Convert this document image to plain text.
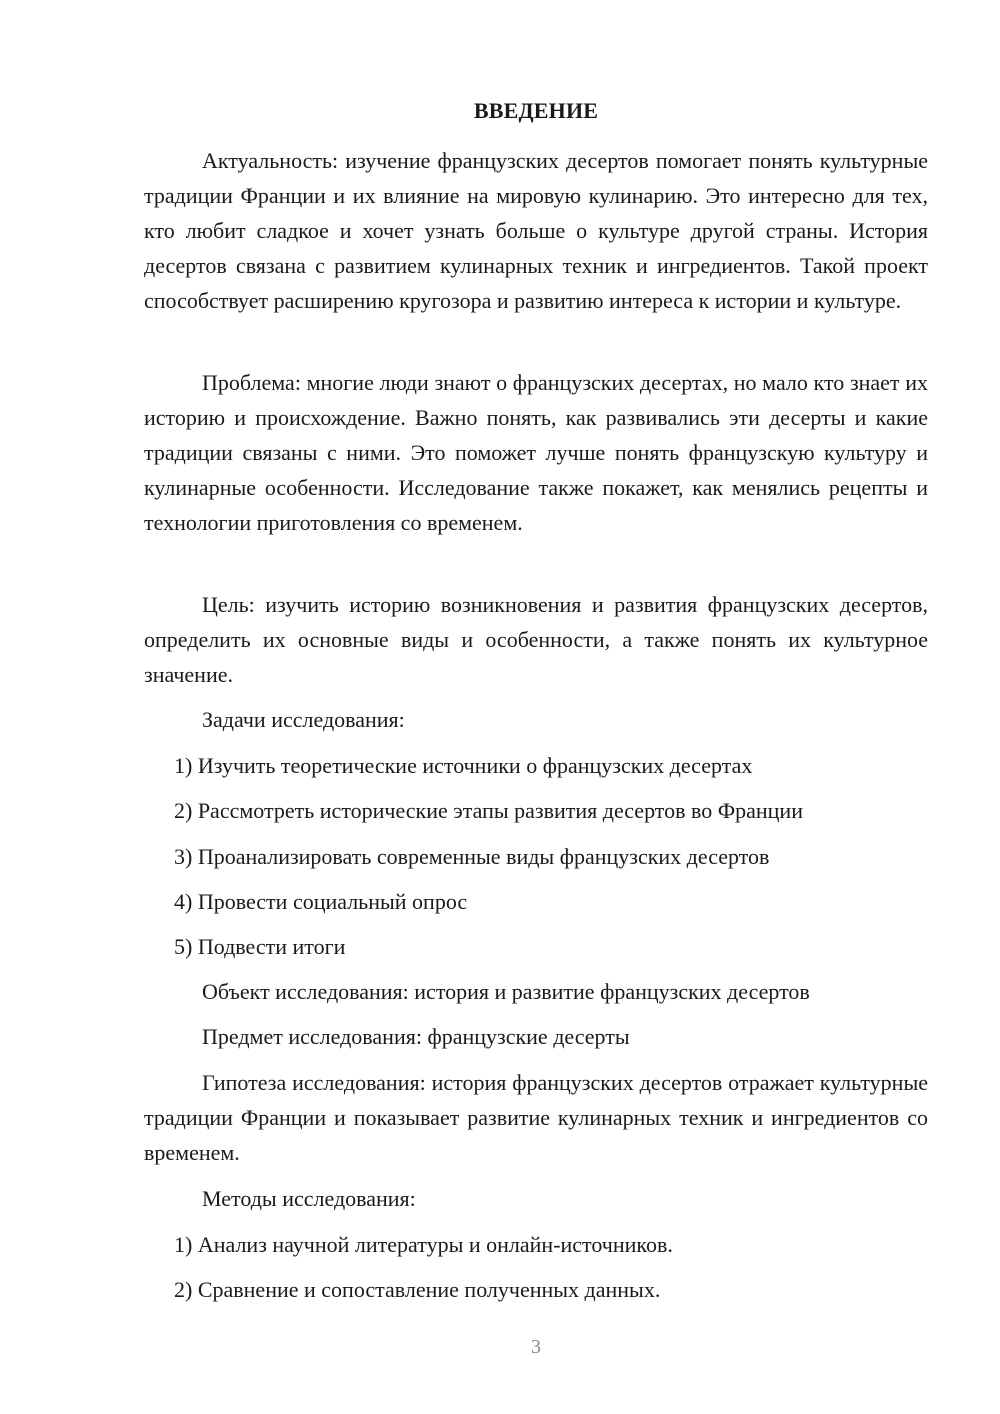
ВВЕДЕНИЕ

Актуальность: изучение французских десертов помогает понять культурные традиции Франции и их влияние на мировую кулинарию. Это интересно для тех, кто любит сладкое и хочет узнать больше о культуре другой страны. История десертов связана с развитием кулинарных техник и ингредиентов. Такой проект способствует расширению кругозора и развитию интереса к истории и культуре.

Проблема: многие люди знают о французских десертах, но мало кто знает их историю и происхождение. Важно понять, как развивались эти десерты и какие традиции связаны с ними. Это поможет лучше понять французскую культуру и кулинарные особенности. Исследование также покажет, как менялись рецепты и технологии приготовления со временем.

Цель: изучить историю возникновения и развития французских десертов, определить их основные виды и особенности, а также понять их культурное значение.

Задачи исследования:

1) Изучить теоретические источники о французских десертах

2) Рассмотреть исторические этапы развития десертов во Франции

3) Проанализировать современные виды французских десертов

4) Провести социальный опрос

5) Подвести итоги

Объект исследования: история и развитие французских десертов

Предмет исследования: французские десерты

Гипотеза исследования: история французских десертов отражает культурные традиции Франции и показывает развитие кулинарных техник и ингредиентов со временем.

Методы исследования:

1) Анализ научной литературы и онлайн-источников.

2) Сравнение и сопоставление полученных данных.

3
